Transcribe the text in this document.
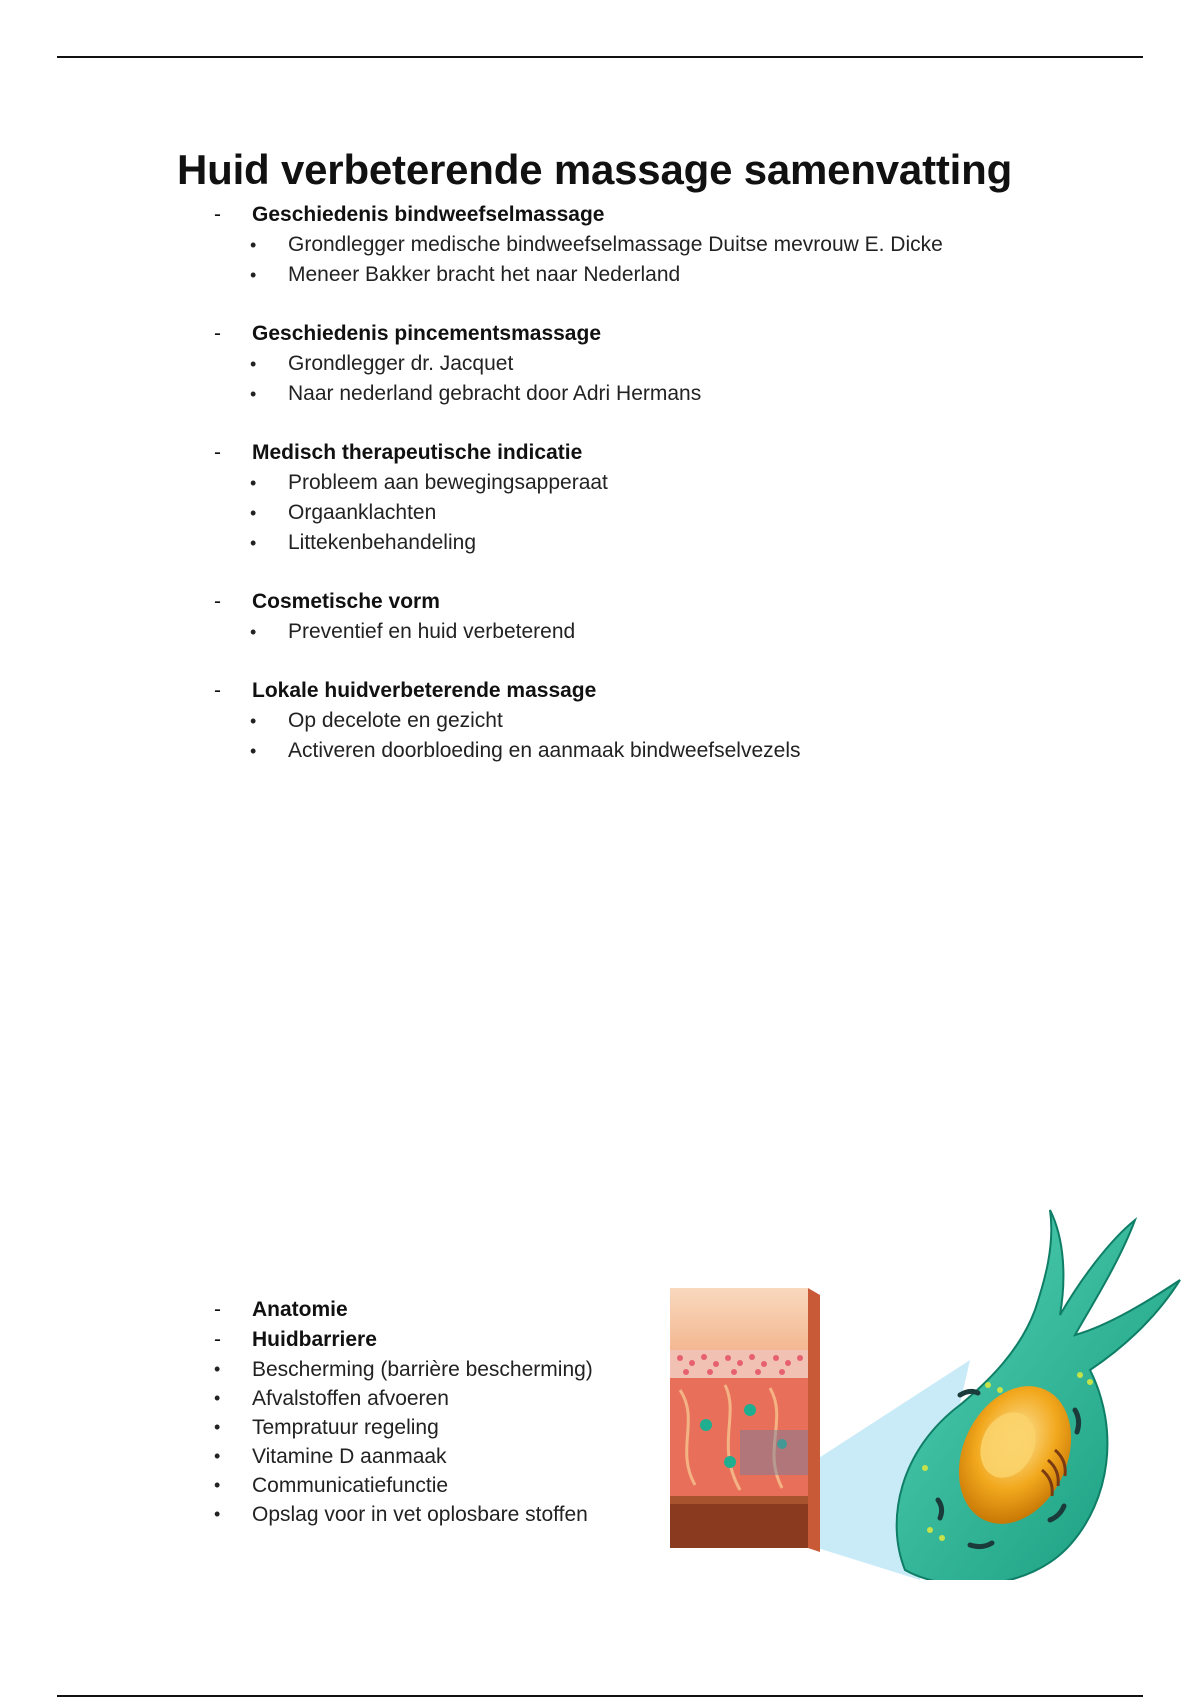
Huid verbeterende massage samenvatting
- Geschiedenis bindweefselmassage
• Grondlegger medische bindweefselmassage Duitse mevrouw E. Dicke
• Meneer Bakker bracht het naar Nederland
- Geschiedenis pincementsmassage
• Grondlegger dr. Jacquet
• Naar nederland gebracht door Adri Hermans
- Medisch therapeutische indicatie
• Probleem aan bewegingsapperaat
• Orgaanklachten
• Littekenbehandeling
- Cosmetische vorm
• Preventief en huid verbeterend
- Lokale huidverbeterende massage
• Op decelote en gezicht
• Activeren doorbloeding en aanmaak bindweefselvezels
- Anatomie
- Huidbarriere
• Bescherming (barrière bescherming)
• Afvalstoffen afvoeren
• Tempratuur regeling
• Vitamine D aanmaak
• Communicatiefunctie
• Opslag voor in vet oplosbare stoffen
